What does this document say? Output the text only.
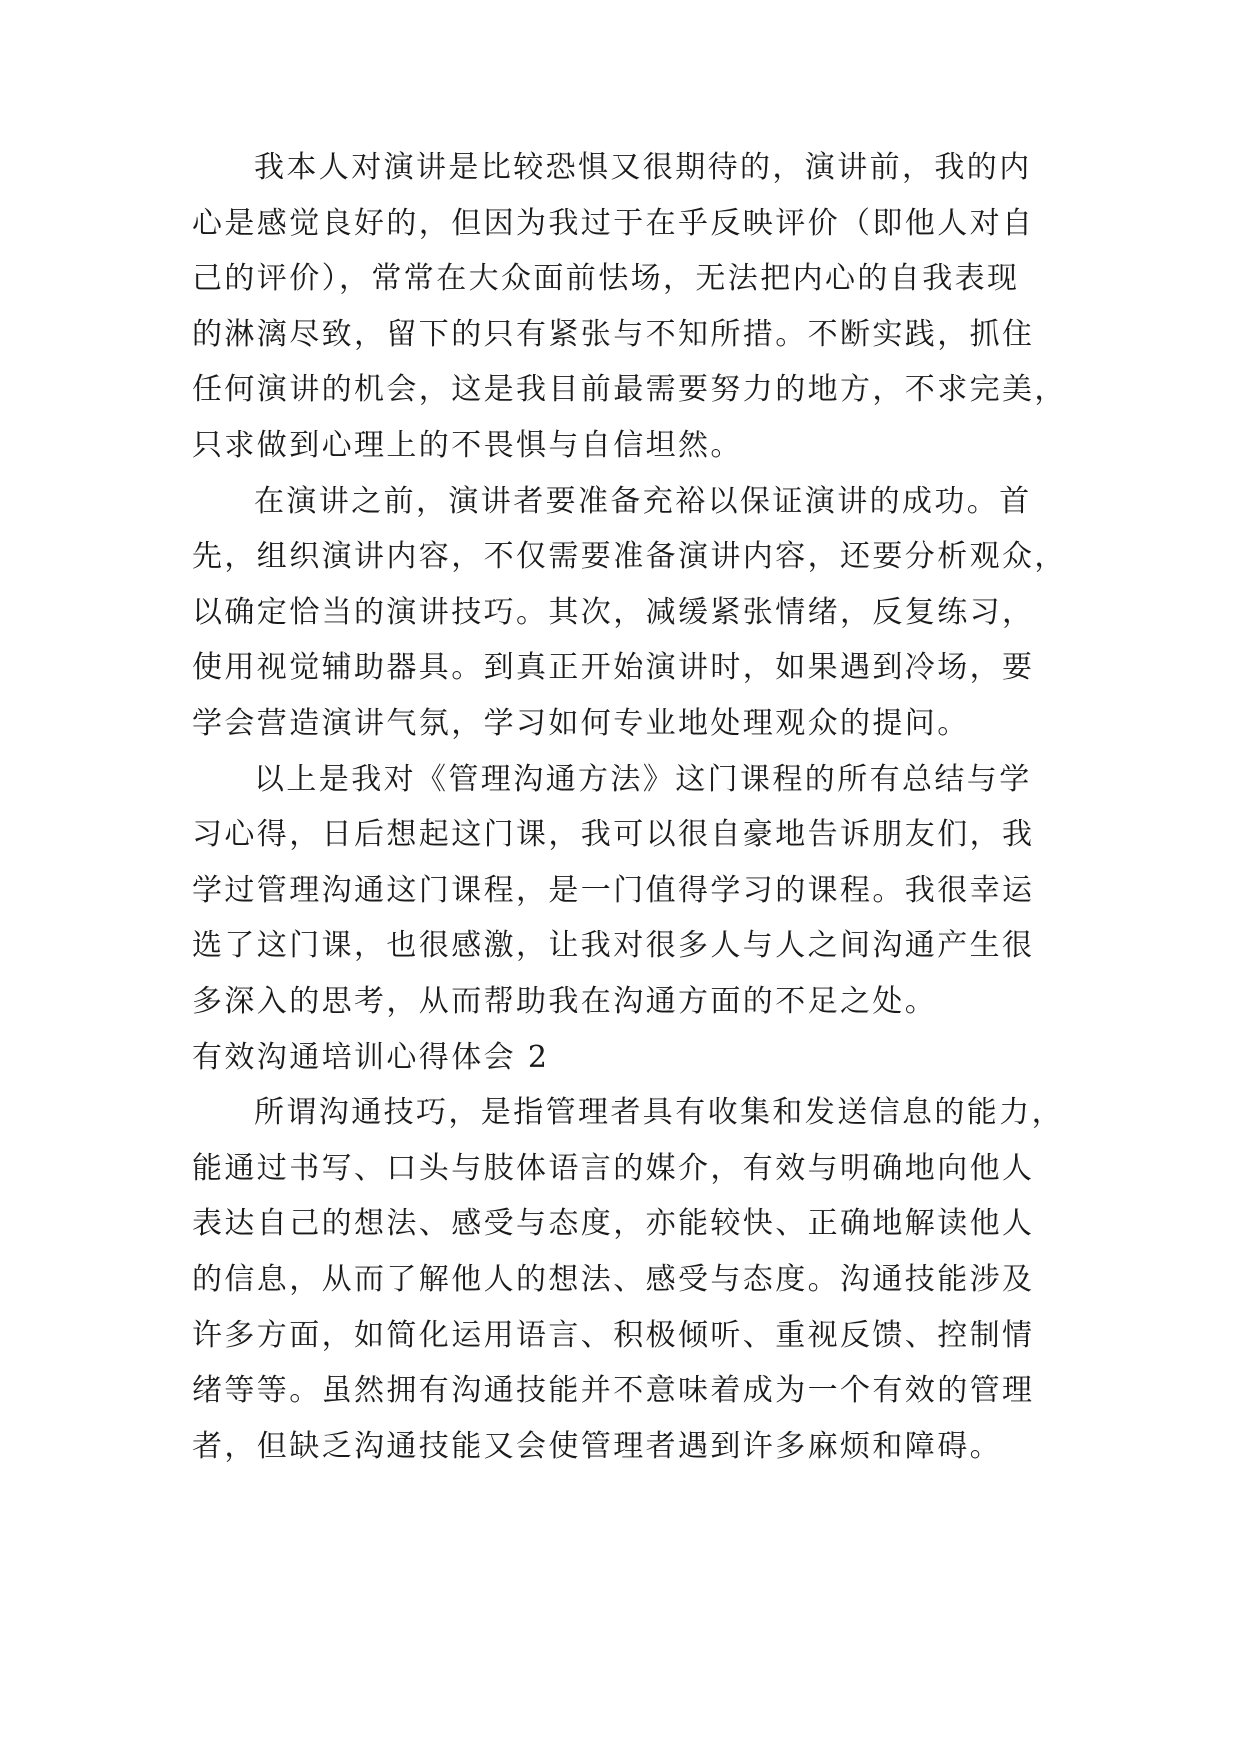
我本人对演讲是比较恐惧又很期待的，演讲前，我的内
心是感觉良好的，但因为我过于在乎反映评价（即他人对自
己的评价），常常在大众面前怯场，无法把内心的自我表现
的淋漓尽致，留下的只有紧张与不知所措。不断实践，抓住
任何演讲的机会，这是我目前最需要努力的地方，不求完美，
只求做到心理上的不畏惧与自信坦然。
在演讲之前，演讲者要准备充裕以保证演讲的成功。首
先，组织演讲内容，不仅需要准备演讲内容，还要分析观众，
以确定恰当的演讲技巧。其次，减缓紧张情绪，反复练习，
使用视觉辅助器具。到真正开始演讲时，如果遇到冷场，要
学会营造演讲气氛，学习如何专业地处理观众的提问。
以上是我对《管理沟通方法》这门课程的所有总结与学
习心得，日后想起这门课，我可以很自豪地告诉朋友们，我
学过管理沟通这门课程，是一门值得学习的课程。我很幸运
选了这门课，也很感激，让我对很多人与人之间沟通产生很
多深入的思考，从而帮助我在沟通方面的不足之处。
有效沟通培训心得体会 2
所谓沟通技巧，是指管理者具有收集和发送信息的能力，
能通过书写、口头与肢体语言的媒介，有效与明确地向他人
表达自己的想法、感受与态度，亦能较快、正确地解读他人
的信息，从而了解他人的想法、感受与态度。沟通技能涉及
许多方面，如简化运用语言、积极倾听、重视反馈、控制情
绪等等。虽然拥有沟通技能并不意味着成为一个有效的管理
者，但缺乏沟通技能又会使管理者遇到许多麻烦和障碍。
